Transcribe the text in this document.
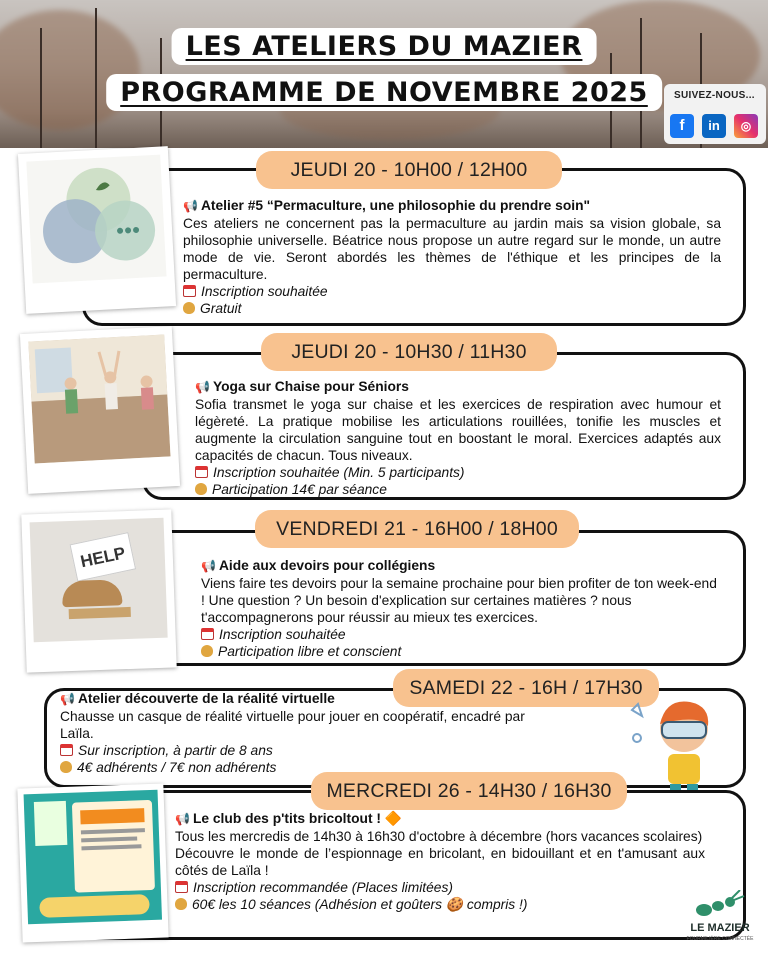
LES ATELIERS DU MAZIER
PROGRAMME DE NOVEMBRE 2025	SUIVEZ-NOUS...
f	in	◎
JEUDI 20 - 10H00 / 12H00

📢 Atelier #5 “Permaculture, une philosophie du prendre soin"

Ces ateliers ne concernent pas la permaculture au jardin mais sa vision globale, sa philosophie universelle. Béatrice nous propose un autre regard sur le monde, un autre mode de vie. Seront abordés les thèmes de l'éthique et les principes de la permaculture.

Inscription souhaitée

Gratuit

JEUDI 20 - 10H30 / 11H30

📢 Yoga sur Chaise pour Séniors

Sofia transmet le yoga sur chaise et les exercices de respiration avec humour et légèreté. La pratique mobilise les articulations rouillées, tonifie les muscles et augmente la circulation sanguine tout en boostant le moral. Exercices adaptés aux capacités de chacun. Tous niveaux.

Inscription souhaitée (Min. 5 participants)

Participation 14€ par séance

VENDREDI 21 - 16H00 / 18H00
HELP	📢 Aide aux devoirs pour collégiens

Viens faire tes devoirs pour la semaine prochaine pour bien profiter de ton week-end ! Une question ? Un besoin d'explication sur certaines matières ? nous t'accompagnerons pour réussir au mieux tes exercices.

Inscription souhaitée

Participation libre et conscient

SAMEDI 22 - 16H / 17H30

📢 Atelier découverte de la réalité virtuelle

Chausse un casque de réalité virtuelle pour jouer en coopératif, encadré par Laïla.

Sur inscription, à partir de 8 ans

4€ adhérents / 7€ non adhérents

MERCREDI 26 - 14H30 / 16H30

📢 Le club des p'tits bricoltout ! 🔶

Tous les mercredis de 14h30 à 16h30 d'octobre à décembre (hors vacances scolaires)

Découvre le monde de l’espionnage en bricolant, en bidouillant et en t'amusant aux côtés de Laïla !

Inscription recommandée (Places limitées)

60€ les 10 séances (Adhésion et goûters 🍪 compris !)

LE MAZIER
FOURMILIÈRE CONNECTÉE
